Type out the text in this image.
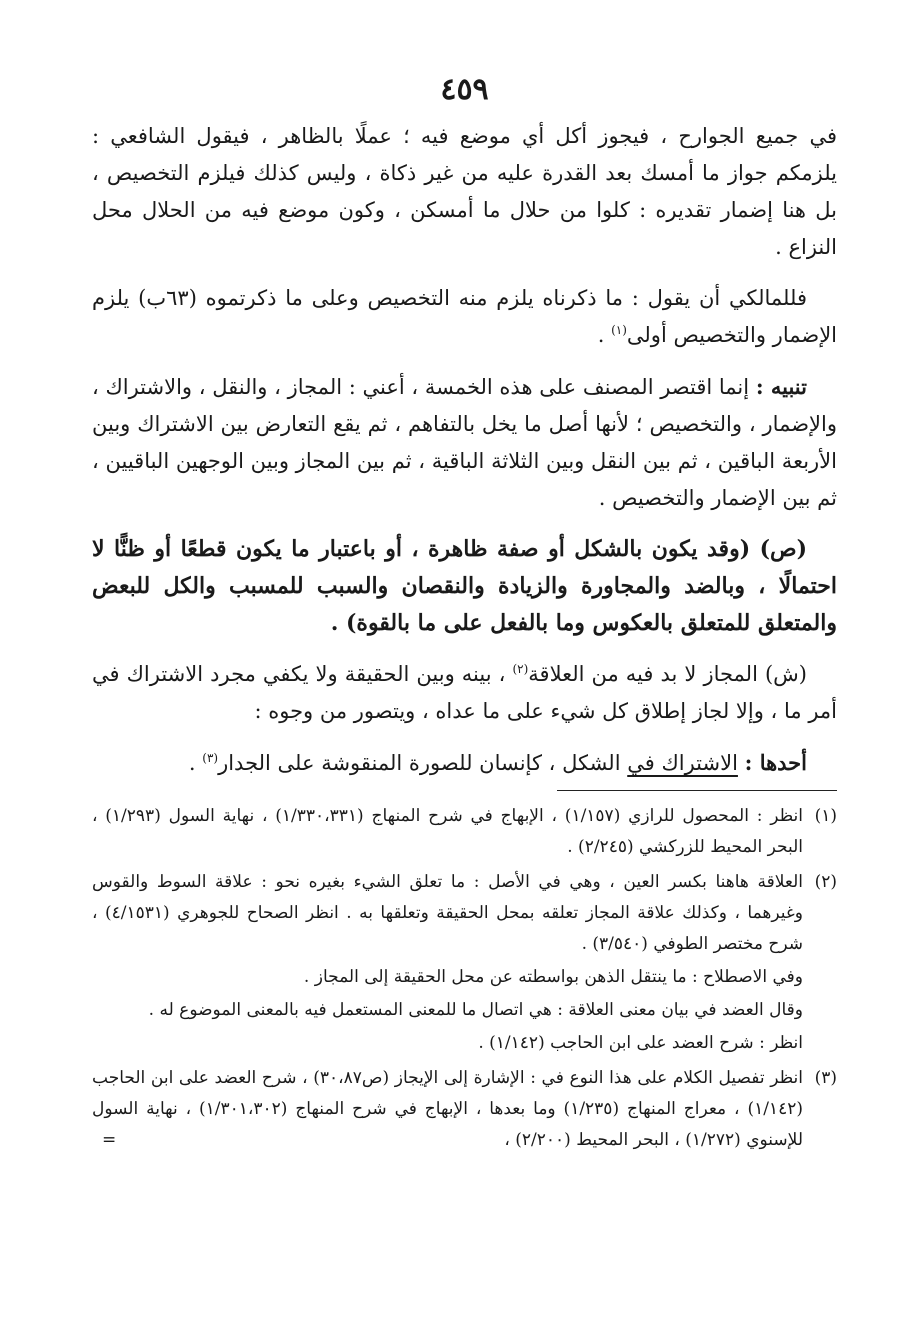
٤٥٩

في جميع الجوارح ، فيجوز أكل أي موضع فيه ؛ عملًا بالظاهر ، فيقول الشافعي : يلزمكم جواز ما أمسك بعد القدرة عليه من غير ذكاة ، وليس كذلك فيلزم التخصيص ، بل هنا إضمار تقديره : كلوا من حلال ما أمسكن ، وكون موضع فيه من الحلال محل النزاع .

فللمالكي أن يقول : ما ذكرناه يلزم منه التخصيص وعلى ما ذكرتموه (٦٣ب) يلزم الإضمار والتخصيص أولى$^{(١)}$ .

تنبيه : إنما اقتصر المصنف على هذه الخمسة ، أعني : المجاز ، والنقل ، والاشتراك ، والإضمار ، والتخصيص ؛ لأنها أصل ما يخل بالتفاهم ، ثم يقع التعارض بين الاشتراك وبين الأربعة الباقين ، ثم بين النقل وبين الثلاثة الباقية ، ثم بين المجاز وبين الوجهين الباقيين ، ثم بين الإضمار والتخصيص .

(ص) (وقد يكون بالشكل أو صفة ظاهرة ، أو باعتبار ما يكون قطعًا أو ظنًّا لا احتمالًا ، وبالضد والمجاورة والزيادة والنقصان والسبب للمسبب والكل للبعض والمتعلق للمتعلق بالعكوس وما بالفعل على ما بالقوة) .

(ش) المجاز لا بد فيه من العلاقة$^{(٢)}$ ، بينه وبين الحقيقة ولا يكفي مجرد الاشتراك في أمر ما ، وإلا لجاز إطلاق كل شيء على ما عداه ، ويتصور من وجوه :

أحدها : الاشتراك في الشكل ، كإنسان للصورة المنقوشة على الجدار$^{(٣)}$ .

(١)

انظر : المحصول للرازي (١/١٥٧) ، الإبهاج في شرح المنهاج (١/٣٣٠،٣٣١) ، نهاية السول (١/٢٩٣) ، البحر المحيط للزركشي (٢/٢٤٥) .

(٢)

العلاقة هاهنا بكسر العين ، وهي في الأصل : ما تعلق الشيء بغيره نحو : علاقة السوط والقوس وغيرهما ، وكذلك علاقة المجاز تعلقه بمحل الحقيقة وتعلقها به . انظر الصحاح للجوهري (٤/١٥٣١) ، شرح مختصر الطوفي (٣/٥٤٠) .

وفي الاصطلاح : ما ينتقل الذهن بواسطته عن محل الحقيقة إلى المجاز .

وقال العضد في بيان معنى العلاقة : هي اتصال ما للمعنى المستعمل فيه بالمعنى الموضوع له .

انظر : شرح العضد على ابن الحاجب (١/١٤٢) .

(٣)

انظر تفصيل الكلام على هذا النوع في : الإشارة إلى الإيجاز (ص٣٠،٨٧) ، شرح العضد على ابن الحاجب (١/١٤٢) ، معراج المنهاج (١/٢٣٥) وما بعدها ، الإبهاج في شرح المنهاج (١/٣٠١،٣٠٢) ، نهاية السول للإسنوي (١/٢٧٢) ، البحر المحيط (٢/٢٠٠) ،
=
